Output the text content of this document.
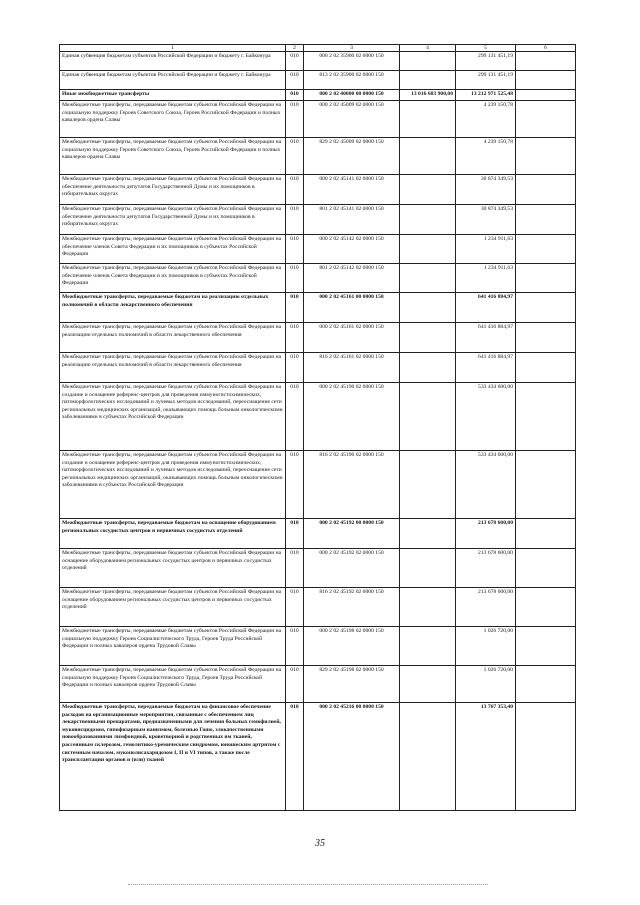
1	2	3	4	5	6
Единая субвенция бюджетам субъектов Российской Федерации и бюджету г. Байконура	010	000 2 02 35900 02 0000 150		299 131 451,19	
Единая субвенция бюджетам субъектов Российской Федерации и бюджету г. Байконура	010	813 2 02 35900 02 0000 150		299 131 451,19	
Иные межбюджетные трансферты	010	000 2 02 40000 00 0000 150	13 016 683 900,00	13 212 971 525,48	
Межбюджетные трансферты, передаваемые бюджетам субъектов Российской Федерации на социальную поддержку Героев Советского Союза, Героев Российской Федерации и полных кавалеров ордена Славы	010	000 2 02 45009 02 0000 150		4 239 150,78	
Межбюджетные трансферты, передаваемые бюджетам субъектов Российской Федерации на социальную поддержку Героев Советского Союза, Героев Российской Федерации и полных кавалеров ордена Славы	010	829 2 02 45009 02 0000 150		4 239 150,78	
Межбюджетные трансферты, передаваемые бюджетам субъектов Российской Федерации на обеспечение деятельности депутатов Государственной Думы и их помощников в избирательных округах	010	000 2 02 45141 02 0000 150		30 874 349,53	
Межбюджетные трансферты, передаваемые бюджетам субъектов Российской Федерации на обеспечение деятельности депутатов Государственной Думы и их помощников в избирательных округах	010	801 2 02 45141 02 0000 150		30 874 349,53	
Межбюджетные трансферты, передаваемые бюджетам субъектов Российской Федерации на обеспечение членов Совета Федерации и их помощников в субъектах Российской Федерации	010	000 2 02 45142 02 0000 150		1 234 911,63	
Межбюджетные трансферты, передаваемые бюджетам субъектов Российской Федерации на обеспечение членов Совета Федерации и их помощников в субъектах Российской Федерации	010	801 2 02 45142 02 0000 150		1 234 911,63	
Межбюджетные трансферты, передаваемые бюджетам на реализацию отдельных полномочий в области лекарственного обеспечения	010	000 2 02 45161 00 0000 150		641 416 884,97	
Межбюджетные трансферты, передаваемые бюджетам субъектов Российской Федерации на реализацию отдельных полномочий в области лекарственного обеспечения	010	000 2 02 45161 02 0000 150		641 416 884,97	
Межбюджетные трансферты, передаваемые бюджетам субъектов Российской Федерации на реализацию отдельных полномочий в области лекарственного обеспечения	010	816 2 02 45161 02 0000 150		641 416 884,97	
Межбюджетные трансферты, передаваемые бюджетам субъектов Российской Федерации на создание и оснащение референс-центров для проведения иммуногистохимических, патоморфологических исследований и лучевых методов исследований, переоснащение сети региональных медицинских организаций, оказывающих помощь больным онкологическими заболеваниями в субъектах Российской Федерации	010	000 2 02 45190 02 0000 150		533 434 600,00	
Межбюджетные трансферты, передаваемые бюджетам субъектов Российской Федерации на создание и оснащение референс-центров для проведения иммуногистохимических, патоморфологических исследований и лучевых методов исследований, переоснащение сети региональных медицинских организаций, оказывающих помощь больным онкологическими заболеваниями в субъектах Российской Федерации	010	816 2 02 45190 02 0000 150		533 434 600,00	
Межбюджетные трансферты, передаваемые бюджетам на оснащение оборудованием региональных сосудистых центров и первичных сосудистых отделений	010	000 2 02 45192 00 0000 150		213 678 600,00	
Межбюджетные трансферты, передаваемые бюджетам субъектов Российской Федерации на оснащение оборудованием региональных сосудистых центров и первичных сосудистых отделений	010	000 2 02 45192 02 0000 150		213 678 600,00	
Межбюджетные трансферты, передаваемые бюджетам субъектов Российской Федерации на оснащение оборудованием региональных сосудистых центров и первичных сосудистых отделений	010	816 2 02 45192 02 0000 150		213 678 600,00	
Межбюджетные трансферты, передаваемые бюджетам субъектов Российской Федерации на социальную поддержку Героев Социалистического Труда, Героев Труда Российской Федерации и полных кавалеров ордена Трудовой Славы	010	000 2 02 45198 02 0000 150		1 026 720,00	
Межбюджетные трансферты, передаваемые бюджетам субъектов Российской Федерации на социальную поддержку Героев Социалистического Труда, Героев Труда Российской Федерации и полных кавалеров ордена Трудовой Славы	010	829 2 02 45198 02 0000 150		1 026 720,00	
Межбюджетные трансферты, передаваемые бюджетам на финансовое обеспечение расходов на организационные мероприятия, связанные с обеспечением лиц лекарственными препаратами, предназначенными для лечения больных гемофилией, муковисцидозом, гипофизарным нанизмом, болезнью Гоше, злокачественными новообразованиями лимфоидной, кроветворной и родственных им тканей, рассеянным склерозом, гемолитико-уремическим синдромом, юношеским артритом с системным началом, мукополисахаридозом I, II и VI типов, а также после трансплантации органов и (или) тканей	010	000 2 02 45216 00 0000 150		13 767 353,40	
35
